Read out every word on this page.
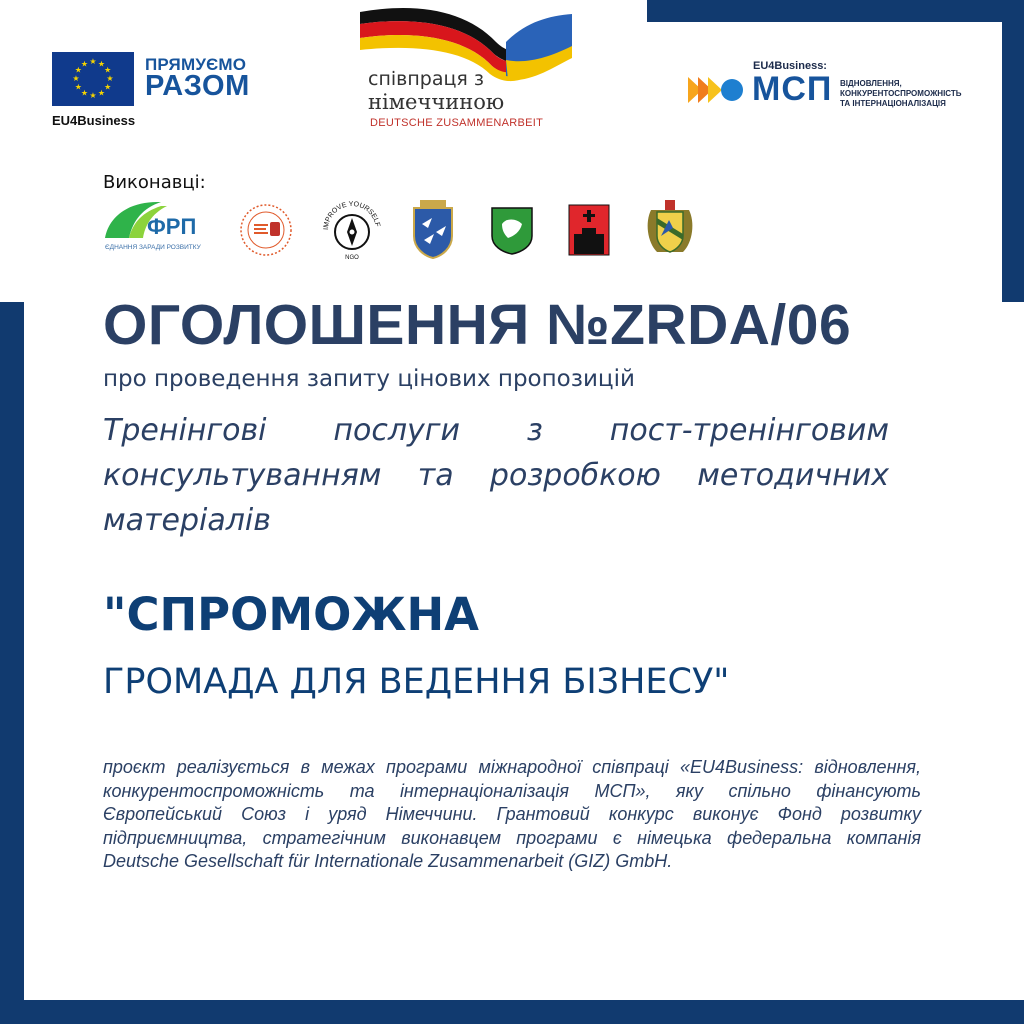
★ ★
★
★
★
★
★
★
★
★
★
★	ПРЯМУЄМО
РАЗОМ
EU4Business
співпраця з
німеччиною
DEUTSCHE ZUSAMMENARBEIT
EU4Business:
МСП ВІДНОВЛЕННЯ,
КОНКУРЕНТОСПРОМОЖНІСТЬ
ТА ІНТЕРНАЦІОНАЛІЗАЦІЯ
Виконавці:
ФРП
ЄДНАННЯ ЗАРАДИ РОЗВИТКУ
IMPROVE YOURSELF
NGO
ОГОЛОШЕННЯ №ZRDA/06
про проведення запиту цінових пропозицій
Тренінгові послуги з пост-тренінговим консультуванням та розробкою методичних матеріалів
"СПРОМОЖНА
ГРОМАДА ДЛЯ ВЕДЕННЯ БІЗНЕСУ"
проєкт реалізується в межах програми міжнародної співпраці «EU4Business: відновлення, конкурентоспроможність та інтернаціоналізація МСП», яку спільно фінансують Європейський Союз і уряд Німеччини. Грантовий конкурс виконує Фонд розвитку підприємництва, стратегічним виконавцем програми є німецька федеральна компанія Deutsche Gesellschaft für Internationale Zusammenarbeit (GIZ) GmbH.
